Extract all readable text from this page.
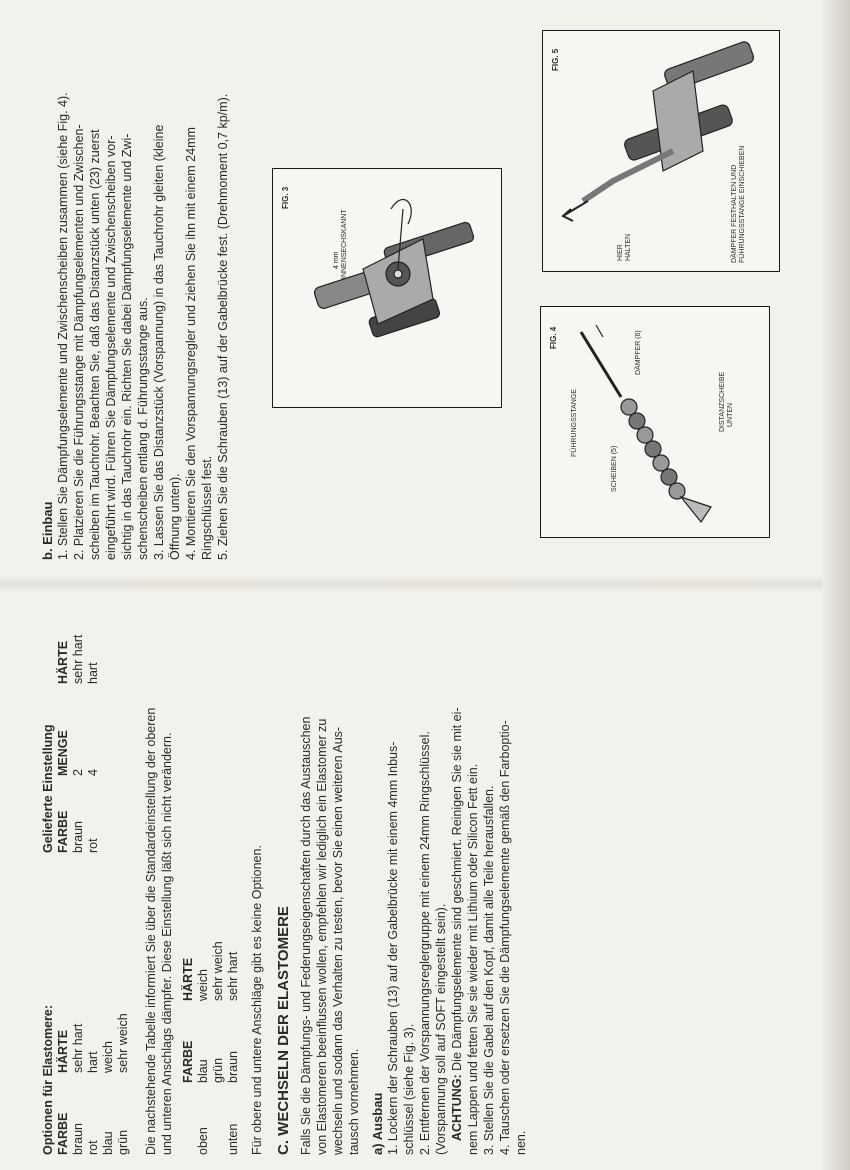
Optionen für Elastomere: FARBE
HÄRTE
braun
sehr hart
rot
hart
blau
weich
grün
sehr weich
Gelieferte Einstellung FARBE
MENGE
HÄRTE
braun
2
sehr hart
rot
4
hart
Die nachstehende Tabelle informiert Sie über die Standardeinstellung der oberen und unteren Anschlags dämpfer. Diese Einstellung läßt sich nicht verändern. FARBE
HÄRTE
oben
blau
weich
grün
sehr weich
unten
braun
sehr hart Für obere und untere Anschläge gibt es keine Optionen. C. WECHSELN DER ELASTOMERE Falls Sie die Dämpfungs- und Federungseigenschaften durch das Austauschen von Elastomeren beeinflussen wollen, empfehlen wir lediglich ein Elastomer zu wechseln und sodann das Verhalten zu testen, bevor Sie einen weiteren Aus- tausch vornehmen. a) Ausbau 1. Lockern der Schrauben (13) auf der Gabelbrücke mit einem 4mm Inbus- schlüssel (siehe Fig. 3). 2. Entfernen der Vorspannungsreglergruppe mit einem 24mm Ringschlüssel. (Vorspannung soll auf SOFT eingestellt sein). ACHTUNG: Die Dämpfungselemente sind geschmiert. Reinigen Sie sie mit ei- nem Lappen und fetten Sie sie wieder mit Lithium oder Silicon Fett ein. 3. Stellen Sie die Gabel auf den Kopf, damit alle Teile herausfallen. 4. Tauschen oder ersetzen Sie die Dämpfungselemente gemäß den Farboptio- nen.
b. Einbau 1. Stellen Sie Dämpfungselemente und Zwischenscheiben zusammen (siehe Fig. 4). 2. Platzieren Sie die Führungsstange mit Dämpfungselementen und Zwischen- scheiben im Tauchrohr. Beachten Sie, daß das Distanzstück unten (23) zuerst eingeführt wird. Führen Sie Dämpfungselemente und Zwischenscheiben vor- sichtig in das Tauchrohr ein. Richten Sie dabei Dämpfungselemente und Zwi- schenscheiben entlang d. Führungsstange aus. 3. Lassen Sie das Distanzstück (Vorspannung) in das Tauchrohr gleiten (kleine Öffnung unten). 4. Montieren Sie den Vorspannungsregler und ziehen Sie ihn mit einem 24mm Ringschlüssel fest. 5. Ziehen Sie die Schrauben (13) auf der Gabelbrücke fest. (Drehmoment 0,7 kp/m).	FIG. 3
4 mm INNENSECHSKANNT
FIG. 4
FÜHRUNGSSTANGE
DÄMPFER (6)
SCHEIBEN (5)
DISTANZSCHEIBE UNTEN
FIG. 5
HIER HALTEN	DÄMPFER FESTHALTEN UND FÜHRUNGSSTANGE EINSCHIEBEN
